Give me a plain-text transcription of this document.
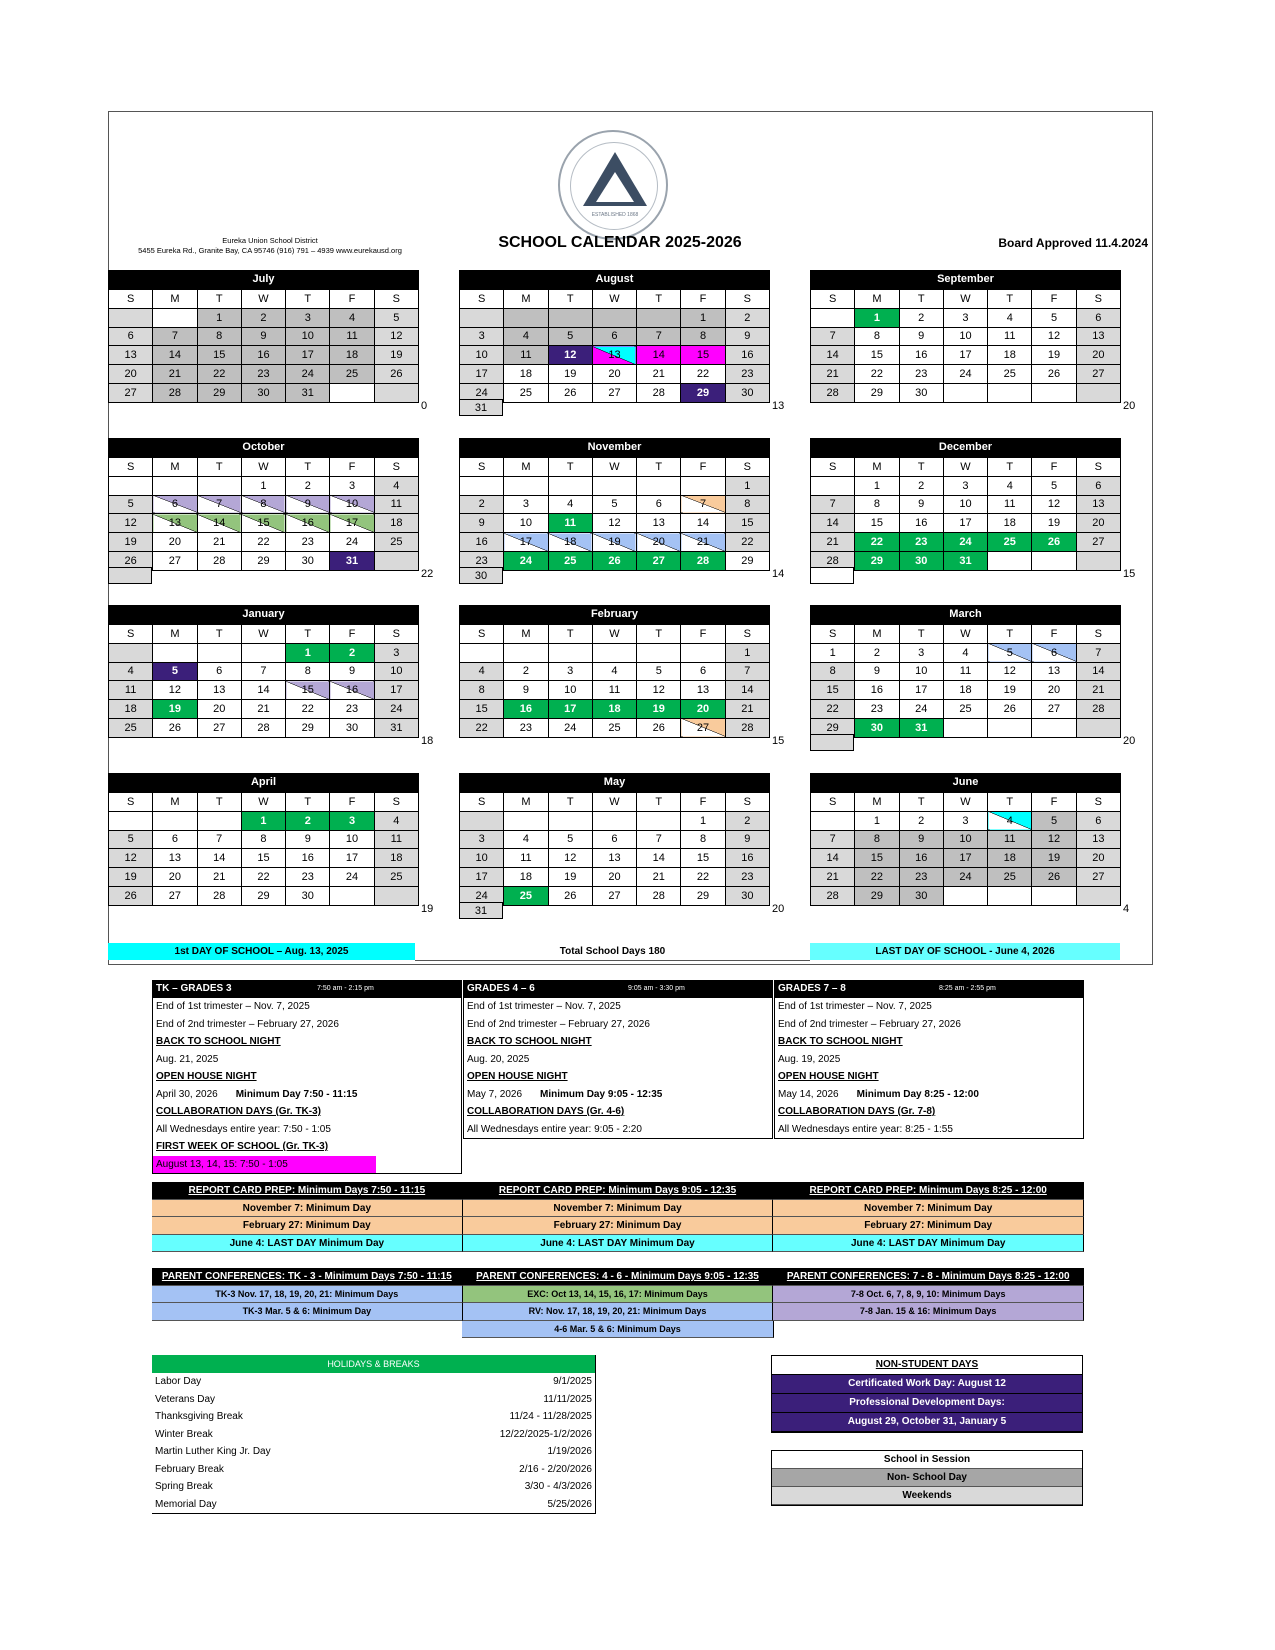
ESTABLISHED 1868
Eureka Union School District
5455 Eureka Rd., Granite Bay, CA 95746 (916) 791 – 4939 www.eurekausd.org	SCHOOL CALENDAR 2025-2026	Board Approved 11.4.2024
July
S	M	T	W	T	F	S
		1	2	3	4	5
6	7	8	9	10	11	12
13	14	15	16	17	18	19
20	21	22	23	24	25	26
27	28	29	30	31		
0
August
S	M	T	W	T	F	S
					1	2
3	4	5	6	7	8	9
10	11	12	13	14	15	16
17	18	19	20	21	22	23
24	25	26	27	28	29	30
13
31
September
S	M	T	W	T	F	S
	1	2	3	4	5	6
7	8	9	10	11	12	13
14	15	16	17	18	19	20
21	22	23	24	25	26	27
28	29	30				
20
October
S	M	T	W	T	F	S
			1	2	3	4
5	6	7	8	9	10	11
12	13	14	15	16	17	18
19	20	21	22	23	24	25
26	27	28	29	30	31	
22
November
S	M	T	W	T	F	S
						1
2	3	4	5	6	7	8
9	10	11	12	13	14	15
16	17	18	19	20	21	22
23	24	25	26	27	28	29
14
30
December
S	M	T	W	T	F	S
	1	2	3	4	5	6
7	8	9	10	11	12	13
14	15	16	17	18	19	20
21	22	23	24	25	26	27
28	29	30	31			
15
January
S	M	T	W	T	F	S
				1	2	3
4	5	6	7	8	9	10
11	12	13	14	15	16	17
18	19	20	21	22	23	24
25	26	27	28	29	30	31
18
February
S	M	T	W	T	F	S
						1
4	2	3	4	5	6	7
8	9	10	11	12	13	14
15	16	17	18	19	20	21
22	23	24	25	26	27	28
15
March
S	M	T	W	T	F	S
1	2	3	4	5	6	7
8	9	10	11	12	13	14
15	16	17	18	19	20	21
22	23	24	25	26	27	28
29	30	31				
20
April
S	M	T	W	T	F	S
			1	2	3	4
5	6	7	8	9	10	11
12	13	14	15	16	17	18
19	20	21	22	23	24	25
26	27	28	29	30		
19
May
S	M	T	W	T	F	S
					1	2
3	4	5	6	7	8	9
10	11	12	13	14	15	16
17	18	19	20	21	22	23
24	25	26	27	28	29	30
20
31
June
S	M	T	W	T	F	S
	1	2	3	4	5	6
7	8	9	10	11	12	13
14	15	16	17	18	19	20
21	22	23	24	25	26	27
28	29	30				
4
1st DAY OF SCHOOL – Aug. 13, 2025	Total School Days 180	LAST DAY OF SCHOOL - June 4, 2026
TK – GRADES 3	7:50 am - 2:15 pm
End of 1st trimester – Nov. 7, 2025
End of 2nd trimester – February 27, 2026
BACK TO SCHOOL NIGHT
Aug. 21, 2025
OPEN HOUSE NIGHT
April 30, 2026 Minimum Day 7:50 - 11:15
COLLABORATION DAYS (Gr. TK-3)
All Wednesdays entire year: 7:50 - 1:05
FIRST WEEK OF SCHOOL (Gr. TK-3)
August 13, 14, 15: 7:50 - 1:05
GRADES 4 – 6	9:05 am - 3:30 pm
End of 1st trimester – Nov. 7, 2025
End of 2nd trimester – February 27, 2026
BACK TO SCHOOL NIGHT
Aug. 20, 2025
OPEN HOUSE NIGHT
May 7, 2026 Minimum Day 9:05 - 12:35
COLLABORATION DAYS (Gr. 4-6)
All Wednesdays entire year: 9:05 - 2:20
GRADES 7 – 8	8:25 am - 2:55 pm
End of 1st trimester – Nov. 7, 2025
End of 2nd trimester – February 27, 2026
BACK TO SCHOOL NIGHT
Aug. 19, 2025
OPEN HOUSE NIGHT
May 14, 2026 Minimum Day 8:25 - 12:00
COLLABORATION DAYS (Gr. 7-8)
All Wednesdays entire year: 8:25 - 1:55
REPORT CARD PREP: Minimum Days 7:50 - 11:15	REPORT CARD PREP: Minimum Days 9:05 - 12:35	REPORT CARD PREP: Minimum Days 8:25 - 12:00
November 7: Minimum Day	November 7: Minimum Day	November 7: Minimum Day
February 27: Minimum Day	February 27: Minimum Day	February 27: Minimum Day
June 4: LAST DAY Minimum Day	June 4: LAST DAY Minimum Day	June 4: LAST DAY Minimum Day
PARENT CONFERENCES: TK - 3 - Minimum Days 7:50 - 11:15	PARENT CONFERENCES: 4 - 6 - Minimum Days 9:05 - 12:35	PARENT CONFERENCES: 7 - 8 - Minimum Days 8:25 - 12:00
TK-3 Nov. 17, 18, 19, 20, 21: Minimum Days	EXC: Oct 13, 14, 15, 16, 17: Minimum Days	7-8 Oct. 6, 7, 8, 9, 10: Minimum Days
TK-3 Mar. 5 & 6: Minimum Day	RV: Nov. 17, 18, 19, 20, 21: Minimum Days	7-8 Jan. 15 & 16: Minimum Days
4-6 Mar. 5 & 6: Minimum Days
HOLIDAYS & BREAKS
Labor Day	9/1/2025
Veterans Day	11/11/2025
Thanksgiving Break	11/24 - 11/28/2025
Winter Break	12/22/2025-1/2/2026
Martin Luther King Jr. Day	1/19/2026
February Break	2/16 - 2/20/2026
Spring Break	3/30 - 4/3/2026
Memorial Day	5/25/2026
NON-STUDENT DAYS
Certificated Work Day: August 12
Professional Development Days:
August 29, October 31, January 5
School in Session
Non- School Day
Weekends
